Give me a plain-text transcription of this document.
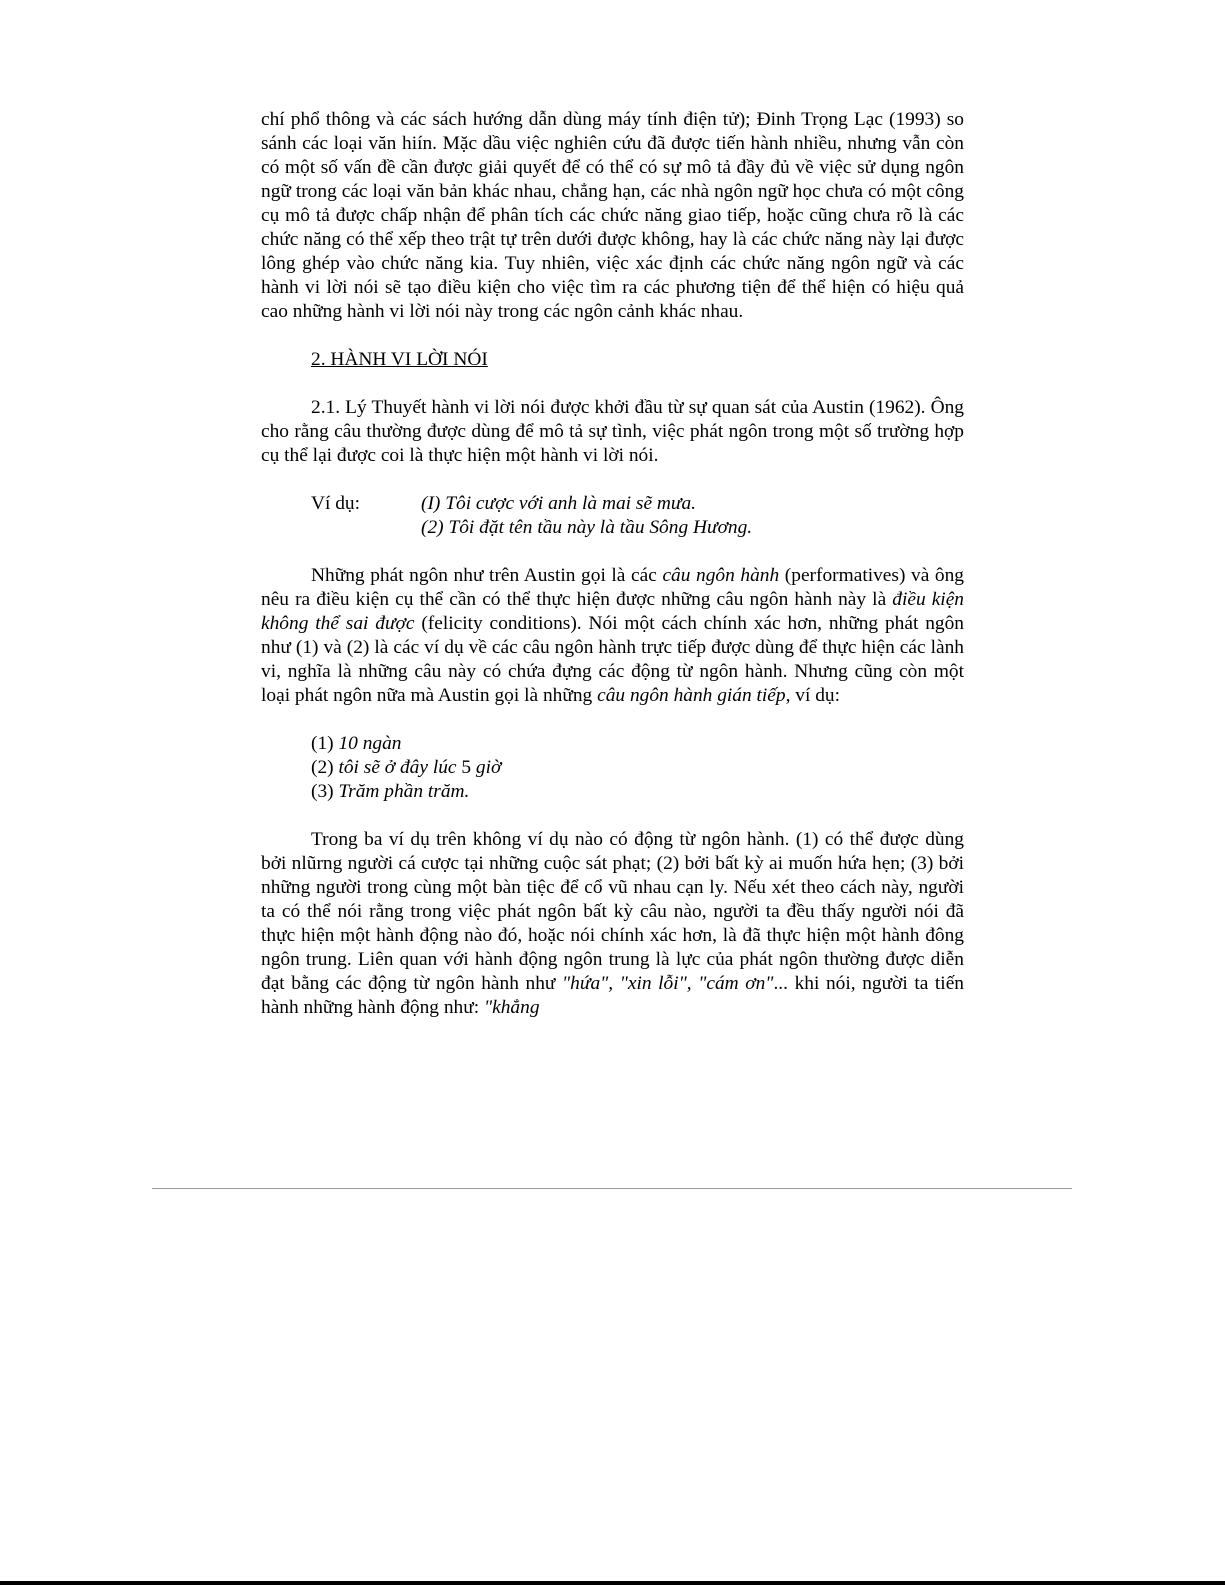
chí phổ thông và các sách hướng dẫn dùng máy tính điện tử); Đinh Trọng Lạc (1993) so sánh các loại văn hiín. Mặc dầu việc nghiên cứu đã được tiến hành nhiều, nhưng vẫn còn có một số vấn đề cần được giải quyết để có thể có sự mô tả đầy đủ về việc sử dụng ngôn ngữ trong các loại văn bản khác nhau, chẳng hạn, các nhà ngôn ngữ học chưa có một công cụ mô tả được chấp nhận để phân tích các chức năng giao tiếp, hoặc cũng chưa rõ là các chức năng có thể xếp theo trật tự trên dưới được không, hay là các chức năng này lại được lông ghép vào chức năng kia. Tuy nhiên, việc xác định các chức năng ngôn ngữ và các hành vi lời nói sẽ tạo điều kiện cho việc tìm ra các phương tiện để thể hiện có hiệu quả cao những hành vi lời nói này trong các ngôn cảnh khác nhau.

2. HÀNH VI LỜI NÓI

2.1. Lý Thuyết hành vi lời nói được khởi đầu từ sự quan sát của Austin (1962). Ông cho rằng câu thường được dùng để mô tả sự tình, việc phát ngôn trong một số trường hợp cụ thể lại được coi là thực hiện một hành vi lời nói.

Ví dụ:	(I) Tôi cược với anh là mai sẽ mưa.
(2) Tôi đặt tên tầu này là tầu Sông Hương.

Những phát ngôn như trên Austin gọi là các câu ngôn hành (performatives) và ông nêu ra điều kiện cụ thể cần có thể thực hiện được những câu ngôn hành này là điều kiện không thể sai được (felicity conditions). Nói một cách chính xác hơn, những phát ngôn như (1) và (2) là các ví dụ về các câu ngôn hành trực tiếp được dùng để thực hiện các lành vi, nghĩa là những câu này có chứa đựng các động từ ngôn hành. Nhưng cũng còn một loại phát ngôn nữa mà Austin gọi là những câu ngôn hành gián tiếp, ví dụ:

(1) 10 ngàn
(2) tôi sẽ ở đây lúc 5 giờ
(3) Trăm phần trăm.

Trong ba ví dụ trên không ví dụ nào có động từ ngôn hành. (1) có thể được dùng bởi nlũrng người cá cược tại những cuộc sát phạt; (2) bởi bất kỳ ai muốn hứa hẹn; (3) bởi những người trong cùng một bàn tiệc để cổ vũ nhau cạn ly. Nếu xét theo cách này, người ta có thể nói rằng trong việc phát ngôn bất kỳ câu nào, người ta đều thấy người nói đã thực hiện một hành động nào đó, hoặc nói chính xác hơn, là đã thực hiện một hành đông ngôn trung. Liên quan với hành động ngôn trung là lực của phát ngôn thường được diễn đạt bằng các động từ ngôn hành như "hứa", "xin lỗi", "cám ơn"... khi nói, người ta tiến hành những hành động như: "khẳng
